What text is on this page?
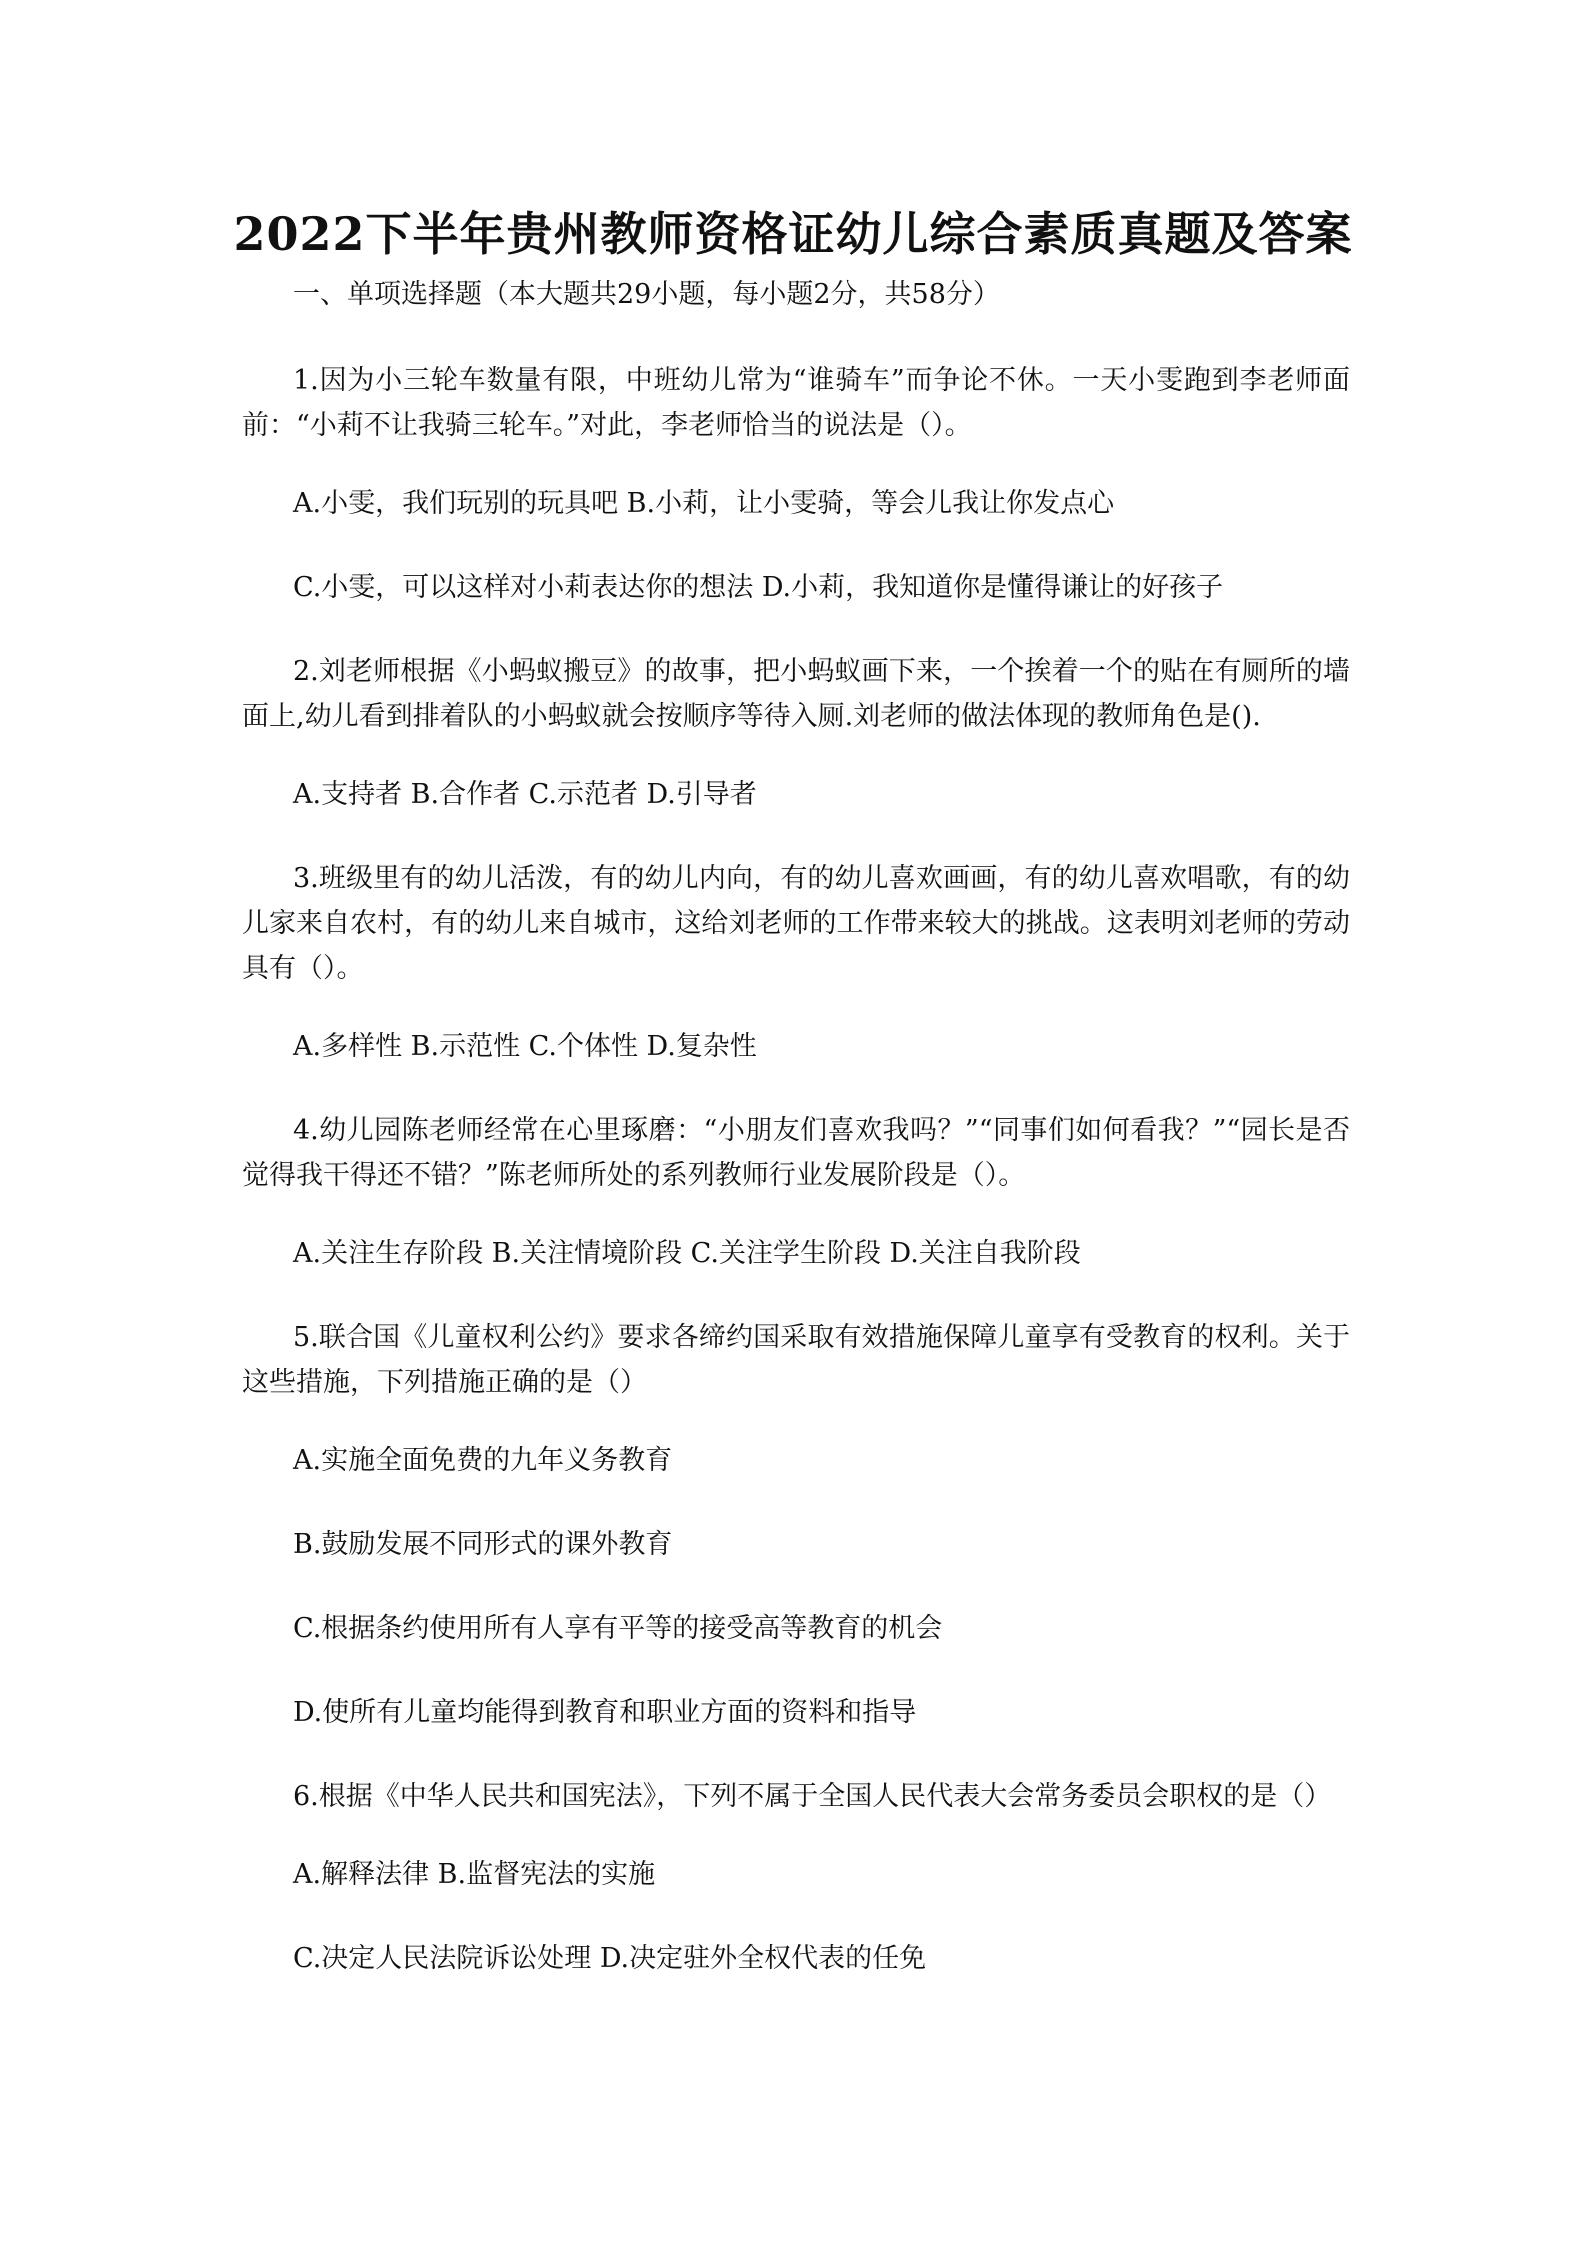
2022下半年贵州教师资格证幼儿综合素质真题及答案
一、单项选择题（本大题共29小题，每小题2分，共58分）

1.因为小三轮车数量有限，中班幼儿常为“谁骑车”而争论不休。一天小雯跑到李老师面前：“小莉不让我骑三轮车。”对此，李老师恰当的说法是（）。

A.小雯，我们玩别的玩具吧 B.小莉，让小雯骑，等会儿我让你发点心

C.小雯，可以这样对小莉表达你的想法 D.小莉，我知道你是懂得谦让的好孩子

2.刘老师根据《小蚂蚁搬豆》的故事，把小蚂蚁画下来，一个挨着一个的贴在有厕所的墙面上,幼儿看到排着队的小蚂蚁就会按顺序等待入厕.刘老师的做法体现的教师角色是().

A.支持者 B.合作者 C.示范者 D.引导者

3.班级里有的幼儿活泼，有的幼儿内向，有的幼儿喜欢画画，有的幼儿喜欢唱歌，有的幼儿家来自农村，有的幼儿来自城市，这给刘老师的工作带来较大的挑战。这表明刘老师的劳动具有（）。

A.多样性 B.示范性 C.个体性 D.复杂性

4.幼儿园陈老师经常在心里琢磨：“小朋友们喜欢我吗？”“同事们如何看我？”“园长是否觉得我干得还不错？”陈老师所处的系列教师行业发展阶段是（）。

A.关注生存阶段 B.关注情境阶段 C.关注学生阶段 D.关注自我阶段

5.联合国《儿童权利公约》要求各缔约国采取有效措施保障儿童享有受教育的权利。关于这些措施，下列措施正确的是（）

A.实施全面免费的九年义务教育

B.鼓励发展不同形式的课外教育

C.根据条约使用所有人享有平等的接受高等教育的机会

D.使所有儿童均能得到教育和职业方面的资料和指导

6.根据《中华人民共和国宪法》，下列不属于全国人民代表大会常务委员会职权的是（）

A.解释法律 B.监督宪法的实施

C.决定人民法院诉讼处理 D.决定驻外全权代表的任免
